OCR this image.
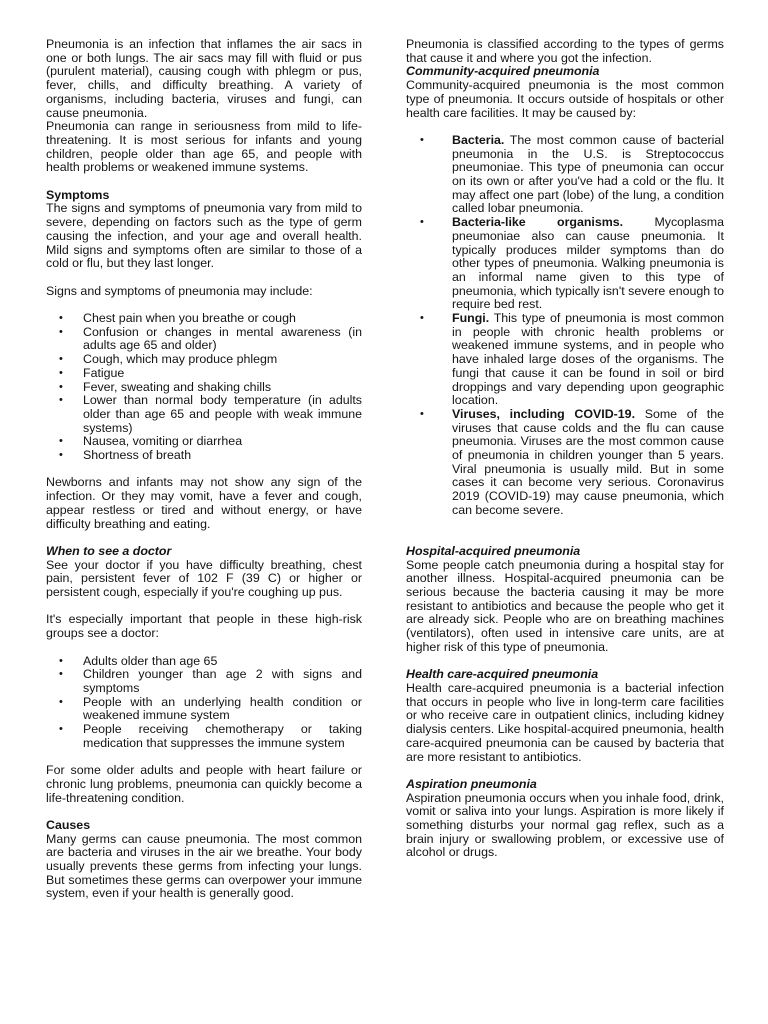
Pneumonia is an infection that inflames the air sacs in one or both lungs. The air sacs may fill with fluid or pus (purulent material), causing cough with phlegm or pus, fever, chills, and difficulty breathing. A variety of organisms, including bacteria, viruses and fungi, can cause pneumonia.

Pneumonia can range in seriousness from mild to life-threatening. It is most serious for infants and young children, people older than age 65, and people with health problems or weakened immune systems.

Symptoms

The signs and symptoms of pneumonia vary from mild to severe, depending on factors such as the type of germ causing the infection, and your age and overall health. Mild signs and symptoms often are similar to those of a cold or flu, but they last longer.

Signs and symptoms of pneumonia may include:

• Chest pain when you breathe or cough
• Confusion or changes in mental awareness (in adults age 65 and older)
• Cough, which may produce phlegm
• Fatigue
• Fever, sweating and shaking chills
• Lower than normal body temperature (in adults older than age 65 and people with weak immune systems)
• Nausea, vomiting or diarrhea
• Shortness of breath

Newborns and infants may not show any sign of the infection. Or they may vomit, have a fever and cough, appear restless or tired and without energy, or have difficulty breathing and eating.

When to see a doctor

See your doctor if you have difficulty breathing, chest pain, persistent fever of 102 F (39 C) or higher or persistent cough, especially if you're coughing up pus.

It's especially important that people in these high-risk groups see a doctor:

• Adults older than age 65
• Children younger than age 2 with signs and symptoms
• People with an underlying health condition or weakened immune system
• People receiving chemotherapy or taking medication that suppresses the immune system

For some older adults and people with heart failure or chronic lung problems, pneumonia can quickly become a life-threatening condition.

Causes

Many germs can cause pneumonia. The most common are bacteria and viruses in the air we breathe. Your body usually prevents these germs from infecting your lungs. But sometimes these germs can overpower your immune system, even if your health is generally good.

Pneumonia is classified according to the types of germs that cause it and where you got the infection.

Community-acquired pneumonia

Community-acquired pneumonia is the most common type of pneumonia. It occurs outside of hospitals or other health care facilities. It may be caused by:

• Bacteria. The most common cause of bacterial pneumonia in the U.S. is Streptococcus pneumoniae. This type of pneumonia can occur on its own or after you've had a cold or the flu. It may affect one part (lobe) of the lung, a condition called lobar pneumonia.
• Bacteria-like organisms.	Mycoplasma pneumoniae also can cause pneumonia. It typically produces milder symptoms than do other types of pneumonia. Walking pneumonia is an informal name given to this type of pneumonia, which typically isn't severe enough to require bed rest.
• Fungi. This type of pneumonia is most common in people with chronic health problems or weakened immune systems, and in people who have inhaled large doses of the organisms. The fungi that cause it can be found in soil or bird droppings and vary depending upon geographic location.
• Viruses, including COVID-19. Some of the viruses that cause colds and the flu can cause pneumonia. Viruses are the most common cause of pneumonia in children younger than 5 years. Viral pneumonia is usually mild. But in some cases it can become very serious. Coronavirus 2019 (COVID-19) may cause pneumonia, which can become severe.

Hospital-acquired pneumonia

Some people catch pneumonia during a hospital stay for another illness. Hospital-acquired pneumonia can be serious because the bacteria causing it may be more resistant to antibiotics and because the people who get it are already sick. People who are on breathing machines (ventilators), often used in intensive care units, are at higher risk of this type of pneumonia.

Health care-acquired pneumonia

Health care-acquired pneumonia is a bacterial infection that occurs in people who live in long-term care facilities or who receive care in outpatient clinics, including kidney dialysis centers. Like hospital-acquired pneumonia, health care-acquired pneumonia can be caused by bacteria that are more resistant to antibiotics.

Aspiration pneumonia

Aspiration pneumonia occurs when you inhale food, drink, vomit or saliva into your lungs. Aspiration is more likely if something disturbs your normal gag reflex, such as a brain injury or swallowing problem, or excessive use of alcohol or drugs.
